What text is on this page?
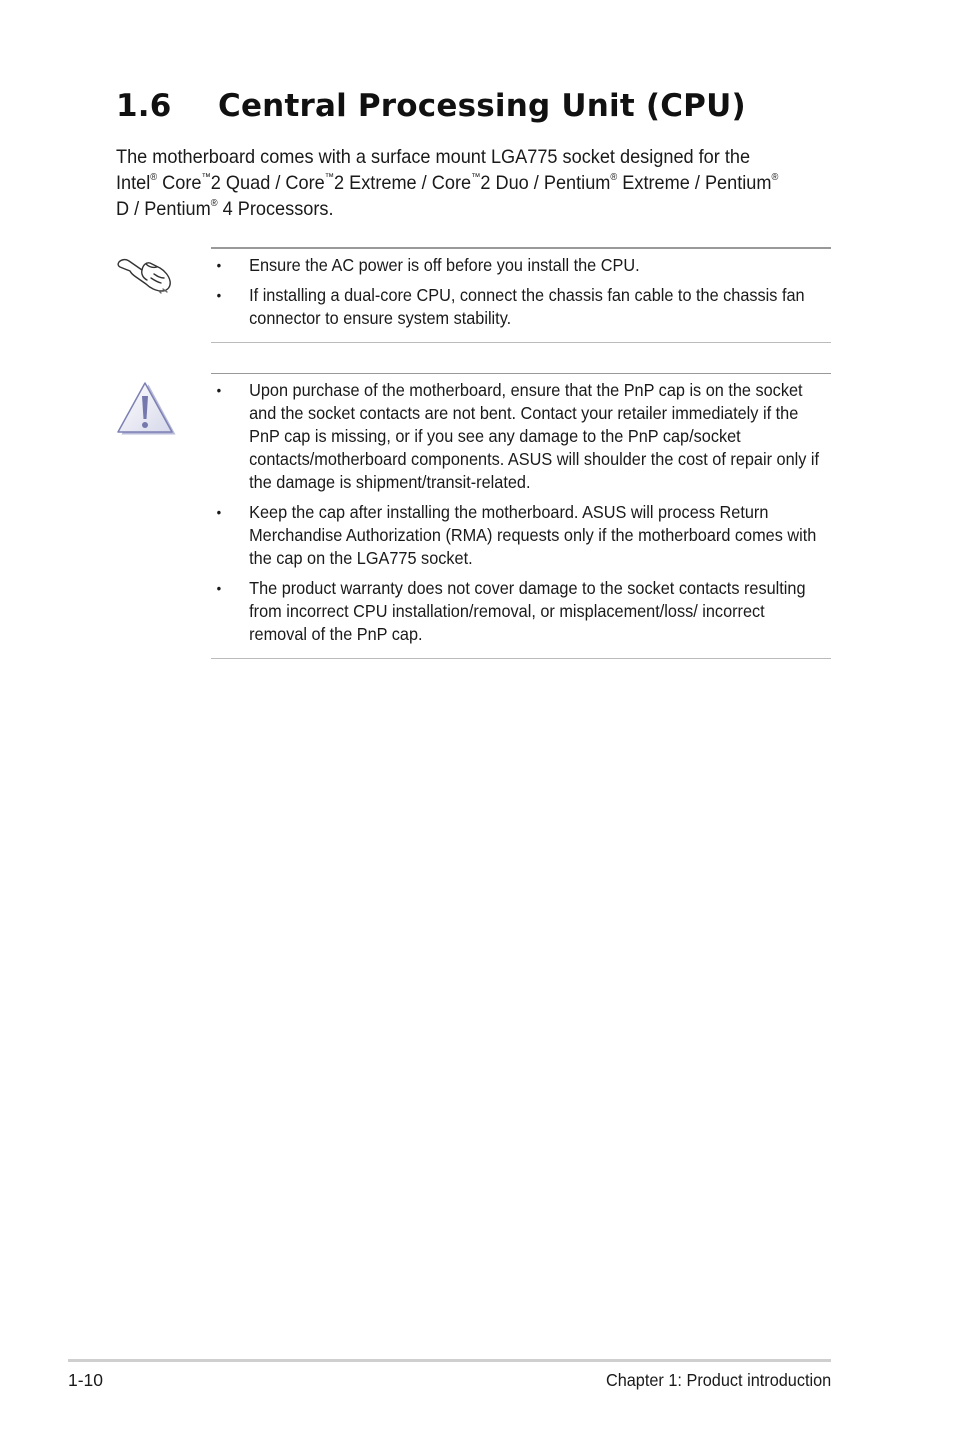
1.6 Central Processing Unit (CPU)

The motherboard comes with a surface mount LGA775 socket designed for the Intel® Core™2 Quad / Core™2 Extreme / Core™2 Duo / Pentium® Extreme / Pentium® D / Pentium® 4 Processors.

• Ensure the AC power is off before you install the CPU.
• If installing a dual-core CPU, connect the chassis fan cable to the chassis fan connector to ensure system stability.
• Upon purchase of the motherboard, ensure that the PnP cap is on the socket and the socket contacts are not bent. Contact your retailer immediately if the PnP cap is missing, or if you see any damage to the PnP cap/socket contacts/motherboard components. ASUS will shoulder the cost of repair only if the damage is shipment/transit-related.
• Keep the cap after installing the motherboard. ASUS will process Return Merchandise Authorization (RMA) requests only if the motherboard comes with the cap on the LGA775 socket.
• The product warranty does not cover damage to the socket contacts resulting from incorrect CPU installation/removal, or misplacement/loss/ incorrect removal of the PnP cap.
1-10	Chapter 1: Product introduction
